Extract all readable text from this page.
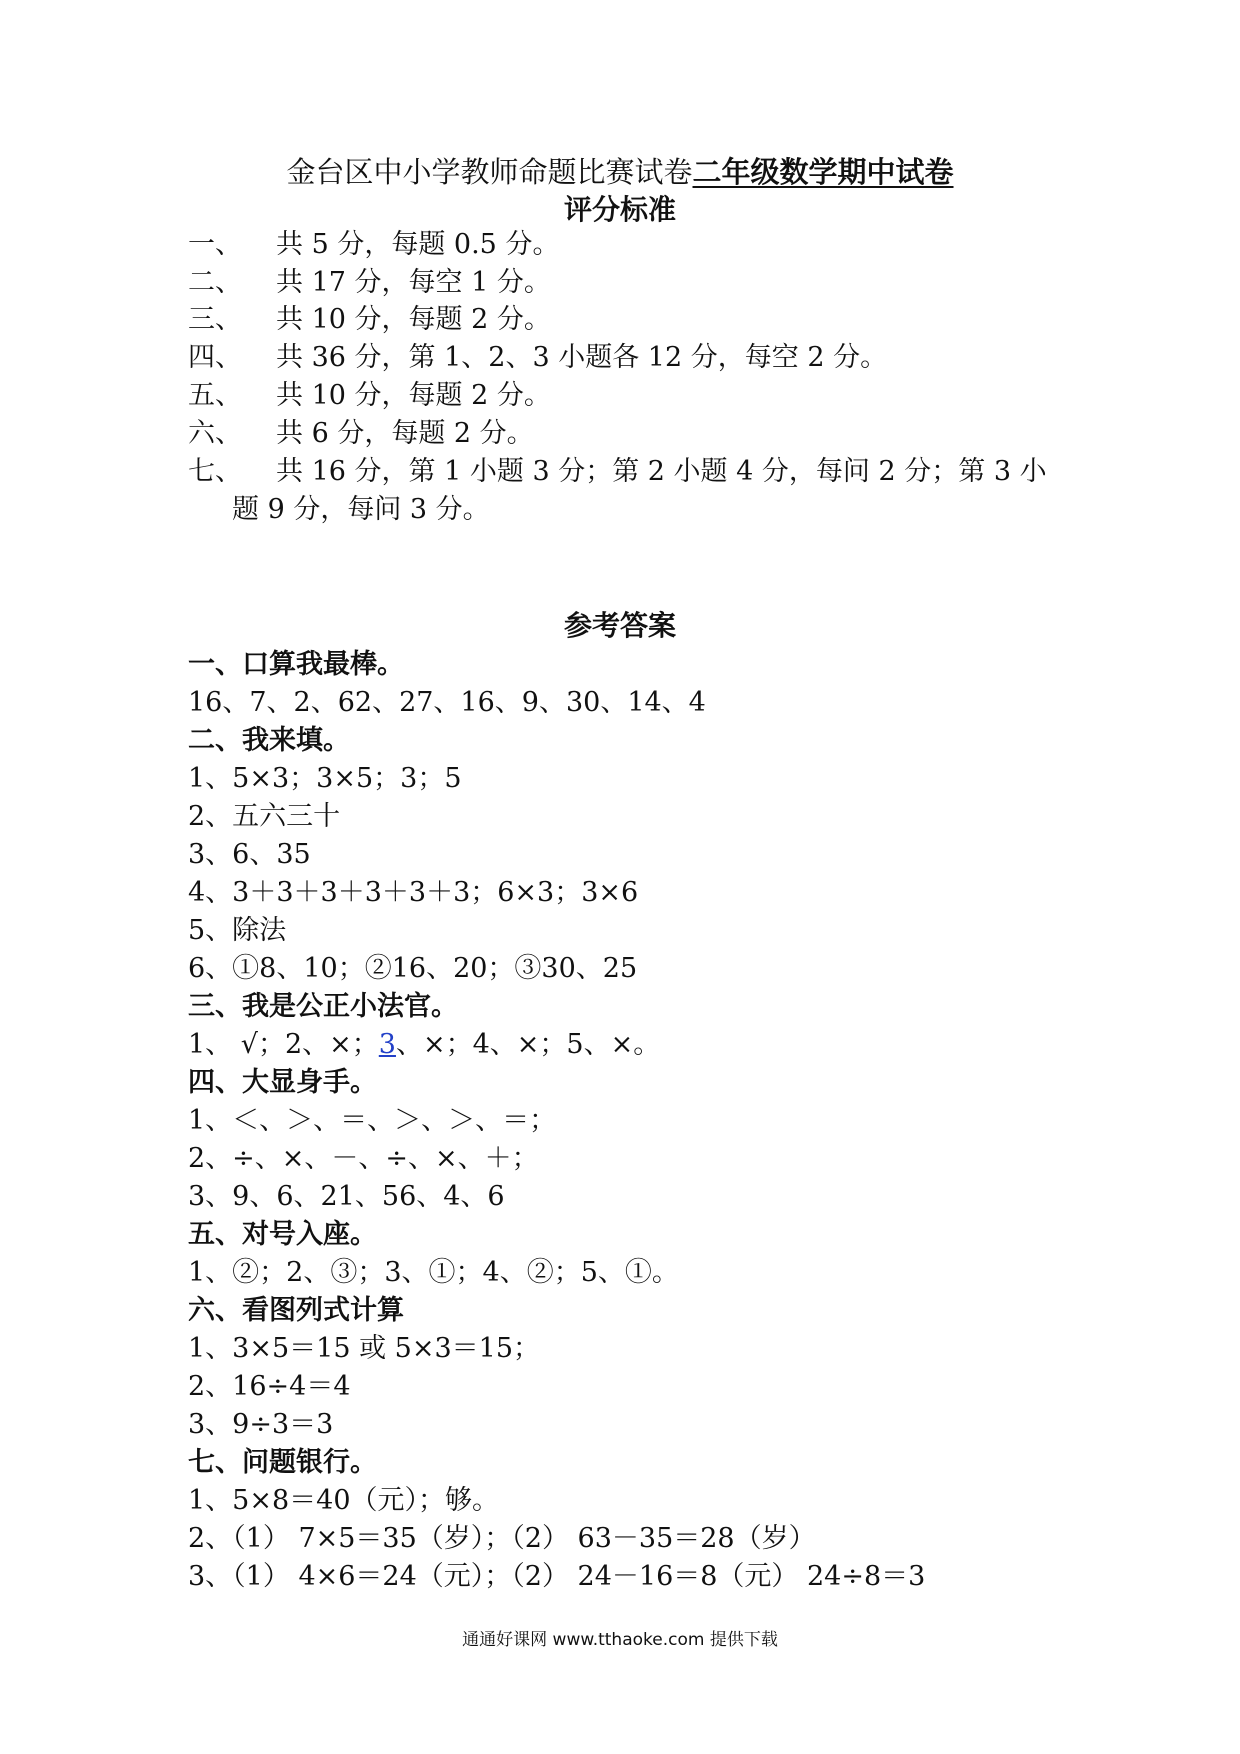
金台区中小学教师命题比赛试卷二年级数学期中试卷
评分标准
一、 共 5 分，每题 0.5 分。
二、 共 17 分，每空 1 分。
三、 共 10 分，每题 2 分。
四、 共 36 分，第 1、2、3 小题各 12 分，每空 2 分。
五、 共 10 分，每题 2 分。
六、 共 6 分，每题 2 分。
七、 共 16 分，第 1 小题 3 分；第 2 小题 4 分，每问 2 分；第 3 小
题 9 分，每问 3 分。
参考答案
一、口算我最棒。
16、7、2、62、27、16、9、30、14、4
二、我来填。
1、5×3；3×5；3；5
2、五六三十
3、6、35
4、3＋3＋3＋3＋3＋3；6×3；3×6
5、除法
6、①8、10；②16、20；③30、25
三、我是公正小法官。
1、 √；2、×；3、×；4、×；5、×。
四、大显身手。
1、＜、＞、＝、＞、＞、＝；
2、÷、×、－、÷、×、＋；
3、9、6、21、56、4、6
五、对号入座。
1、②；2、③；3、①；4、②；5、①。
六、看图列式计算
1、3×5＝15 或 5×3＝15；
2、16÷4＝4
3、9÷3＝3
七、问题银行。
1、5×8＝40（元）；够。
2、（1） 7×5＝35（岁）；（2） 63－35＝28（岁）
3、（1） 4×6＝24（元）；（2） 24－16＝8（元） 24÷8＝3
通通好课网 www.tthaoke.com 提供下载
